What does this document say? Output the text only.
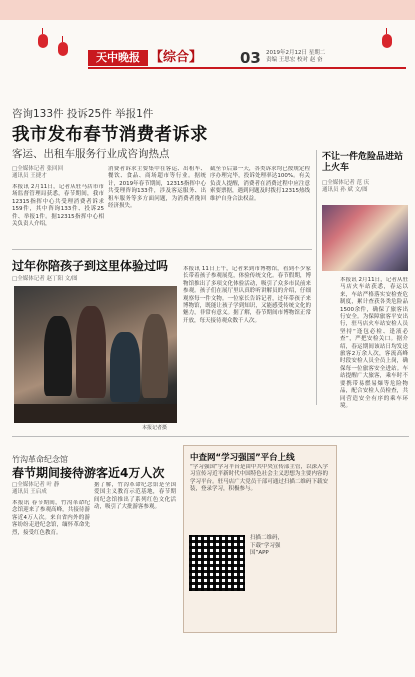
天中晚报 【综合】	03 2019年2月12日 星期二
责编 王思宏 校对 赵 奋
咨询133件 投诉25件 举报1件
我市发布春节消费者诉求
客运、出租车服务行业成咨询热点
□全媒体记者 张回回
通讯员 王捷才
本报讯 2月11日，记者从驻马店市市场监督管理局获悉，春节期间，我市12315指挥中心共受理消费者诉求159件，其中咨询133件、投诉25件、举报1件。据12315指挥中心相关负责人介绍，
消费者诉求主要集中在客运、出租车、餐饮、食品、商场超市等行业。据统计，2019年春节期间，12315指挥中心共受理咨询133件，涉及客运服务、出租车服务等多方面问题，为消费者挽回经济损失。
截至节后第一天，各类诉求均已按规定程序办理完毕，投诉处理率达100%。有关负责人提醒，消费者在消费过程中应注意索要票据，遇到问题及时拨打12315热线维护自身合法权益。
过年你陪孩子到这里体验过吗
□全媒体记者 赵丁阳 文/图
本报记者摄
本报讯 11日上午，记者来到市博物馆，看到不少家长带着孩子参观展览，体验传统文化。春节假期，博物馆推出了多项文化体验活动，吸引了众多市民前来参观。孩子们在展厅里认真聆听讲解员的介绍，仔细观察每一件文物。一位家长告诉记者，过年带孩子来博物馆，既能让孩子学到知识，又能感受传统文化的魅力，非常有意义。据了解，春节期间市博物馆正常开放，每天接待观众数千人次。
竹沟革命纪念馆
春节期间接待游客近4万人次
□全媒体记者 叶 静
通讯员 王启成
本报讯 春节期间，竹沟革命纪念馆迎来了参观高峰，共接待游客近4万人次。来自省内外的游客纷纷走进纪念馆，缅怀革命先烈，接受红色教育。
据了解，竹沟革命纪念馆是全国爱国主义教育示范基地，春节期间纪念馆推出了系列红色文化活动，吸引了大批游客参观。
中查网“学习强国”平台上线
“学习强国”学习平台是由中共中央宣传部主管，以深入学习宣传习近平新时代中国特色社会主义思想为主要内容的学习平台。驻马店广大党员干部可通过扫描二维码下载安装，登录学习，积极参与。
扫描二维码，下载“学习强国”APP
不让一件危险品进站上火车
□全媒体记者 范 庆
通讯员 孙 斌 文/图
本报讯 2月11日，记者从驻马店火车站获悉，春运以来，车站严格落实安检查危制度，累计查获各类危险品1500余件，确保了旅客出行安全。为保障旅客平安出行，驻马店火车站安检人员坚持“逢包必检、逢液必查”，严把安检关口。据介绍，春运期间该站日均发送旅客2万余人次，客流高峰时段安检人员全员上岗，确保每一位旅客安全进站。车站提醒广大旅客，乘车时不要携带易燃易爆等危险物品，配合安检人员检查，共同营造安全有序的乘车环境。
